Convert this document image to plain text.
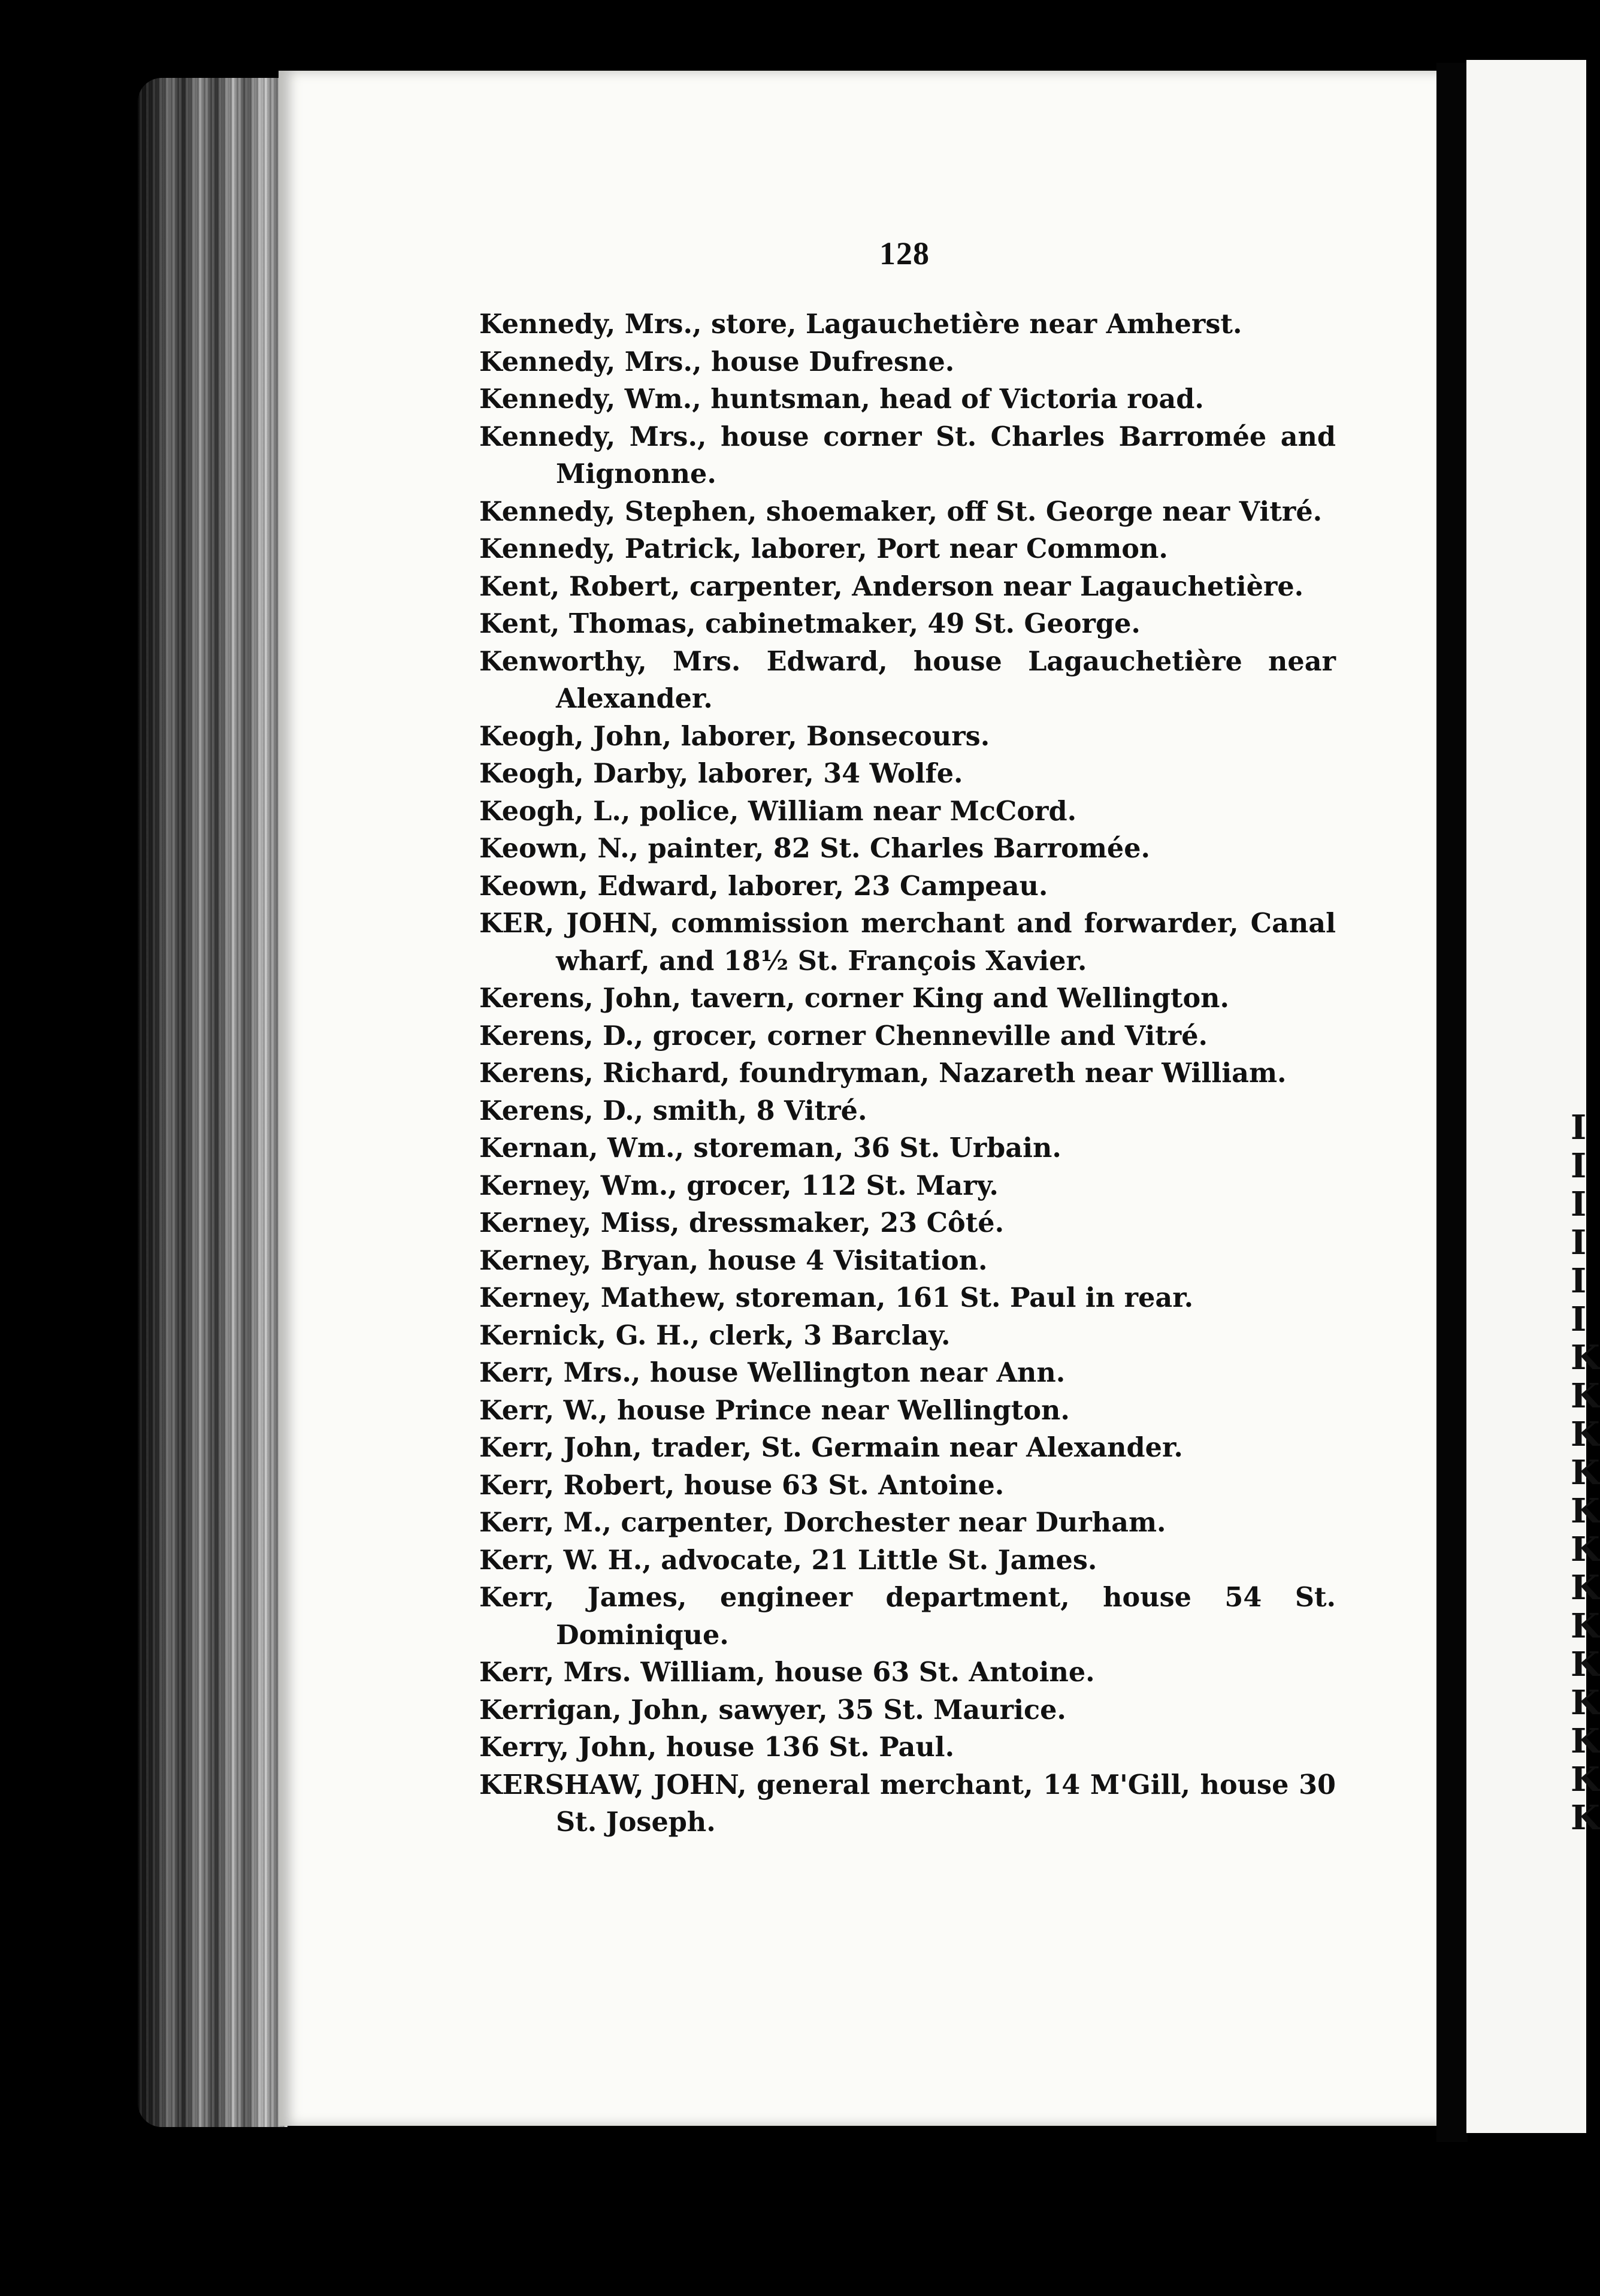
I
I
I
I
I
I
K
K
K
K
K
K
K
K
K
K
K
K
K
128
Kennedy, Mrs., store, Lagauchetière near Amherst.
Kennedy, Mrs., house Dufresne.
Kennedy, Wm., huntsman, head of Victoria road.
Kennedy, Mrs., house corner St. Charles Barromée and Mignonne.
Kennedy, Stephen, shoemaker, off St. George near Vitré.
Kennedy, Patrick, laborer, Port near Common.
Kent, Robert, carpenter, Anderson near Lagauchetière.
Kent, Thomas, cabinetmaker, 49 St. George.
Kenworthy, Mrs. Edward, house Lagauchetière near Alexander.
Keogh, John, laborer, Bonsecours.
Keogh, Darby, laborer, 34 Wolfe.
Keogh, L., police, William near McCord.
Keown, N., painter, 82 St. Charles Barromée.
Keown, Edward, laborer, 23 Campeau.
KER, JOHN, commission merchant and forwarder, Canal wharf, and 18½ St. François Xavier.
Kerens, John, tavern, corner King and Wellington.
Kerens, D., grocer, corner Chenneville and Vitré.
Kerens, Richard, foundryman, Nazareth near William.
Kerens, D., smith, 8 Vitré.
Kernan, Wm., storeman, 36 St. Urbain.
Kerney, Wm., grocer, 112 St. Mary.
Kerney, Miss, dressmaker, 23 Côté.
Kerney, Bryan, house 4 Visitation.
Kerney, Mathew, storeman, 161 St. Paul in rear.
Kernick, G. H., clerk, 3 Barclay.
Kerr, Mrs., house Wellington near Ann.
Kerr, W., house Prince near Wellington.
Kerr, John, trader, St. Germain near Alexander.
Kerr, Robert, house 63 St. Antoine.
Kerr, M., carpenter, Dorchester near Durham.
Kerr, W. H., advocate, 21 Little St. James.
Kerr, James, engineer department, house 54 St. Dominique.
Kerr, Mrs. William, house 63 St. Antoine.
Kerrigan, John, sawyer, 35 St. Maurice.
Kerry, John, house 136 St. Paul.
KERSHAW, JOHN, general merchant, 14 M'Gill, house 30 St. Joseph.
